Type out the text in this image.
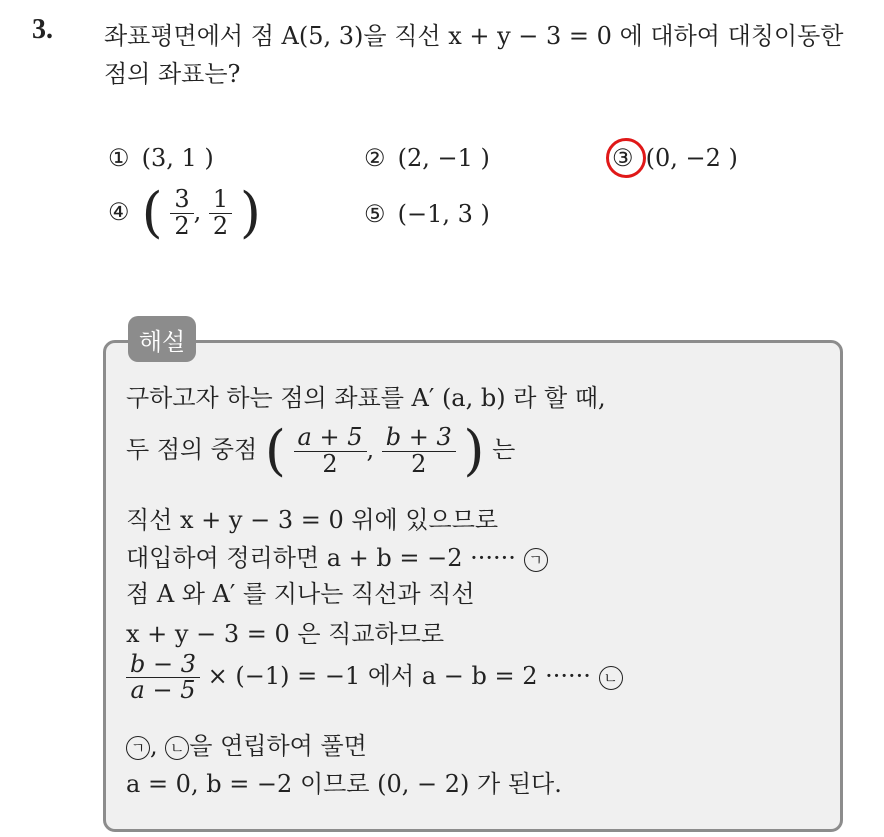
3. 좌표평면에서 점 A(5, 3)을 직선 x + y − 3 = 0 에 대하여 대칭이동한
점의 좌표는?
① (3, 1 )	② (2, −1 )	③ (0, −2 )
④ ( $\frac{3}{2}$ , $\frac{1}{2}$ )	⑤ (−1, 3 )
해설
구하고자 하는 점의 좌표를 A′ (a, b) 라 할 때,
두 점의 중점 ( $\frac{a + 5}{2}$ , $\frac{b + 3}{2}$ ) 는
직선 x + y − 3 = 0 위에 있으므로
대입하여 정리하면 a + b = −2 ······ ㄱ
점 A 와 A′ 를 지나는 직선과 직선
x + y − 3 = 0 은 직교하므로
$\frac{b - 3}{a - 5} \times (-1) = -1$ 에서 a − b = 2 ······ ㄴ
ㄱ , ㄴ 을 연립하여 풀면
a = 0, b = −2 이므로 (0, − 2) 가 된다.
